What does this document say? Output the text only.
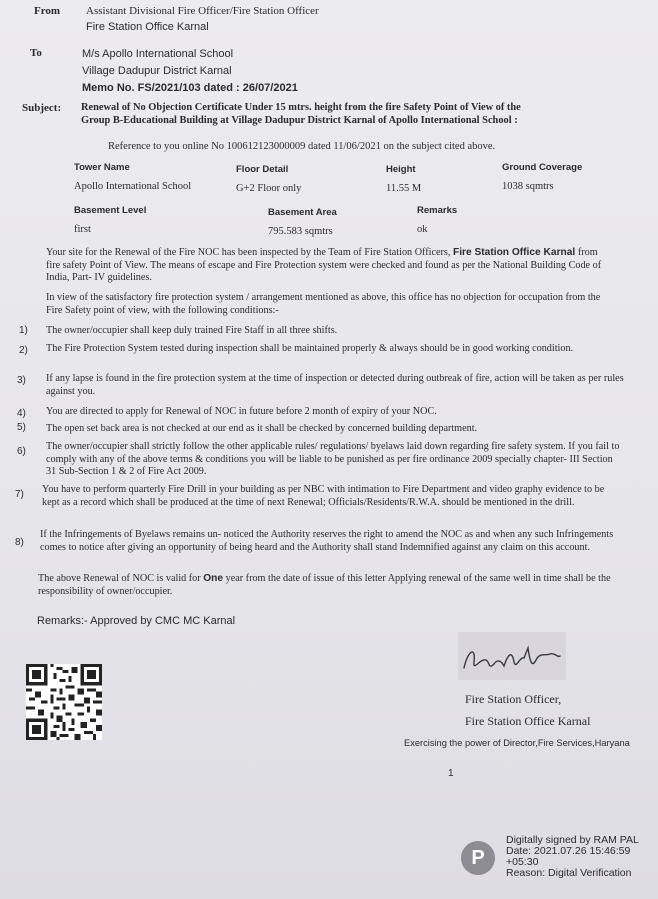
From Assistant Divisional Fire Officer/Fire Station Officer
Fire Station Office Karnal
To	M/s Apollo International School
Village Dadupur District Karnal
Memo No. FS/2021/103 dated : 26/07/2021
Subject: Renewal of No Objection Certificate Under 15 mtrs. height from the fire Safety Point of View of the
Group B-Educational Building at Village Dadupur District Karnal of Apollo International School :
Reference to you online No 100612123000009 dated 11/06/2021 on the subject cited above.
Tower Name	Floor Detail	Height	Ground Coverage
Apollo International School	G+2 Floor only	11.55 M	1038 sqmtrs
Basement Level	Basement Area	Remarks
first	795.583 sqmtrs	ok
Your site for the Renewal of the Fire NOC has been inspected by the Team of Fire Station Officers, Fire Station Office Karnal from fire safety Point of View. The means of escape and Fire Protection system were checked and found as per the National Building Code of India, Part- IV guidelines.
In view of the satisfactory fire protection system / arrangement mentioned as above, this office has no objection for occupation from the Fire Safety point of view, with the following conditions:-
1) The owner/occupier shall keep duly trained Fire Staff in all three shifts.
2) The Fire Protection System tested during inspection shall be maintained properly & always should be in good working condition.
3) If any lapse is found in the fire protection system at the time of inspection or detected during outbreak of fire, action will be taken as per rules against you.
4) You are directed to apply for Renewal of NOC in future before 2 month of expiry of your NOC.
5) The open set back area is not checked at our end as it shall be checked by concerned building department.
6) The owner/occupier shall strictly follow the other applicable rules/ regulations/ byelaws laid down regarding fire safety system. If you fail to comply with any of the above terms & conditions you will be liable to be punished as per fire ordinance 2009 specially chapter- III Section 31 Sub-Section 1 & 2 of Fire Act 2009.
7) You have to perform quarterly Fire Drill in your building as per NBC with intimation to Fire Department and video graphy evidence to be kept as a record which shall be produced at the time of next Renewal; Officials/Residents/R.W.A. should be mentioned in the drill.
8)
If the Infringements of Byelaws remains un- noticed the Authority reserves the right to amend the NOC as and when any such Infringements comes to notice after giving an opportunity of being heard and the Authority shall stand Indemnified against any claim on this account.
The above Renewal of NOC is valid for One year from the date of issue of this letter Applying renewal of the same well in time shall be the responsibility of owner/occupier.
Remarks:- Approved by CMC MC Karnal
Fire Station Officer,
Fire Station Office Karnal
Exercising the power of Director,Fire Services,Haryana
1
P
Digitally signed by RAM PAL
Date: 2021.07.26 15:46:59
+05:30
Reason: Digital Verification
